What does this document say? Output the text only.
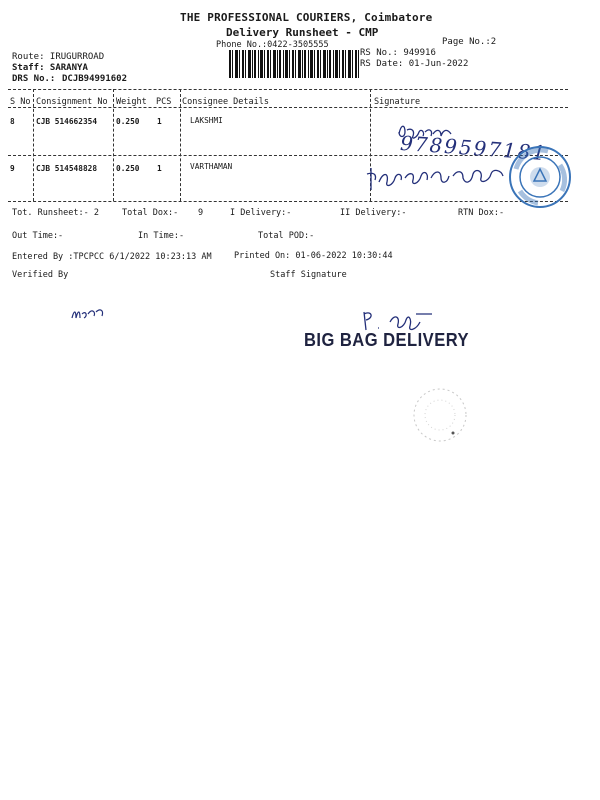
THE PROFESSIONAL COURIERS, Coimbatore
Delivery Runsheet - CMP
Phone No.:0422-3505555	Page No.:2
Route: IRUGURROAD
Staff: SARANYA
DRS No.: DCJB94991602
RS No.: 949916
RS Date: 01-Jun-2022
S No Consignment No Weight PCS Consignee Details	Signature
8	CJB 514662354 0.250 1	LAKSHMI
9	CJB 514548828 0.250 1	VARTHAMAN
9789597181
Tot. Runsheet:- 2	Total Dox:- 9	I Delivery:-	II Delivery:-	RTN Dox:-
Out Time:-	In Time:-	Total POD:-
Entered By :TPCPCC 6/1/2022 10:23:13 AM	Printed On: 01-06-2022 10:30:44
Verified By	Staff Signature
BIG BAG DELIVERY
